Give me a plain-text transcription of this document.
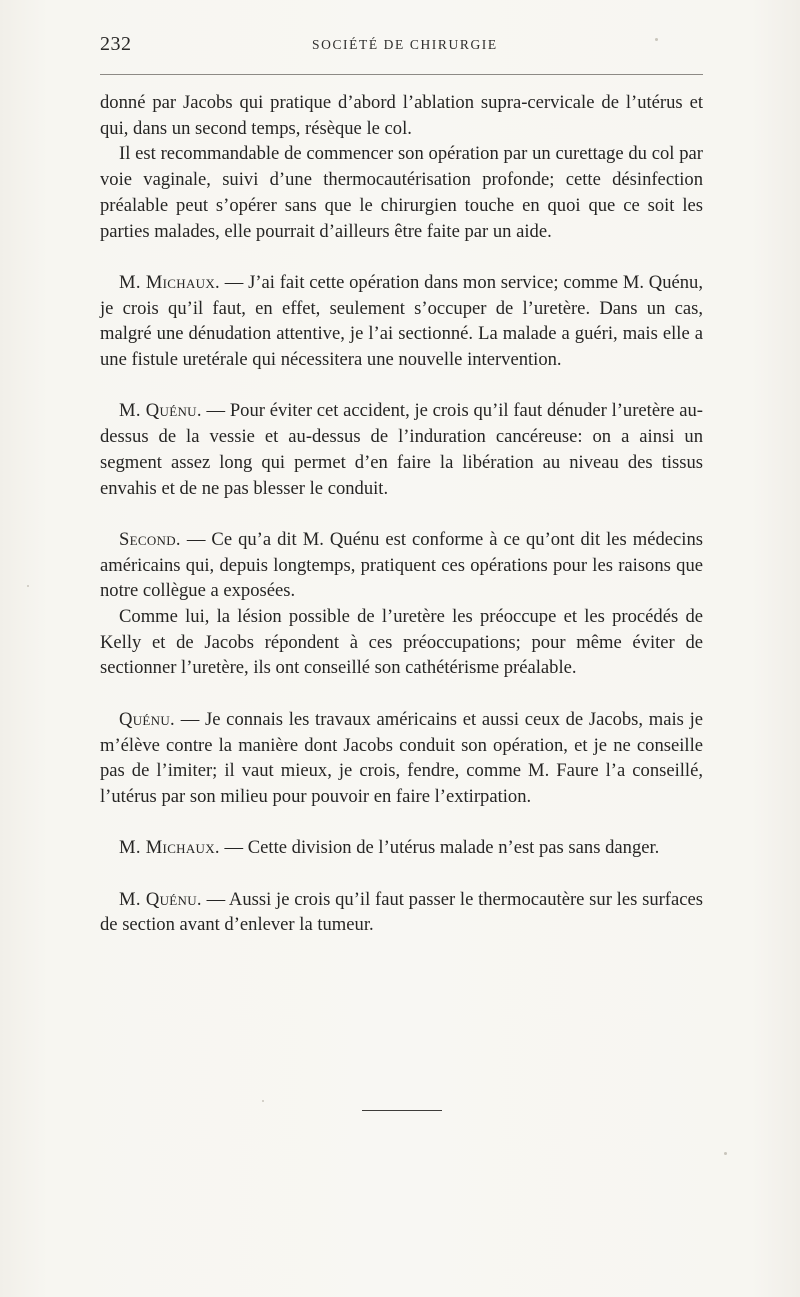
232	SOCIÉTÉ DE CHIRURGIE

donné par Jacobs qui pratique d’abord l’ablation supra-cervicale de l’utérus et qui, dans un second temps, résèque le col.

Il est recommandable de commencer son opération par un curettage du col par voie vaginale, suivi d’une thermocautérisation profonde; cette désinfection préalable peut s’opérer sans que le chirurgien touche en quoi que ce soit les parties malades, elle pourrait d’ailleurs être faite par un aide.

M. Michaux. — J’ai fait cette opération dans mon service; comme M. Quénu, je crois qu’il faut, en effet, seulement s’occuper de l’uretère. Dans un cas, malgré une dénudation attentive, je l’ai sectionné. La malade a guéri, mais elle a une fistule uretérale qui nécessitera une nouvelle intervention.

M. Quénu. — Pour éviter cet accident, je crois qu’il faut dénuder l’uretère au-dessus de la vessie et au-dessus de l’induration cancéreuse: on a ainsi un segment assez long qui permet d’en faire la libération au niveau des tissus envahis et de ne pas blesser le conduit.

Second. — Ce qu’a dit M. Quénu est conforme à ce qu’ont dit les médecins américains qui, depuis longtemps, pratiquent ces opérations pour les raisons que notre collègue a exposées.

Comme lui, la lésion possible de l’uretère les préoccupe et les procédés de Kelly et de Jacobs répondent à ces préoccupations; pour même éviter de sectionner l’uretère, ils ont conseillé son cathétérisme préalable.

Quénu. — Je connais les travaux américains et aussi ceux de Jacobs, mais je m’élève contre la manière dont Jacobs conduit son opération, et je ne conseille pas de l’imiter; il vaut mieux, je crois, fendre, comme M. Faure l’a conseillé, l’utérus par son milieu pour pouvoir en faire l’extirpation.

M. Michaux. — Cette division de l’utérus malade n’est pas sans danger.

M. Quénu. — Aussi je crois qu’il faut passer le thermocautère sur les surfaces de section avant d’enlever la tumeur.
